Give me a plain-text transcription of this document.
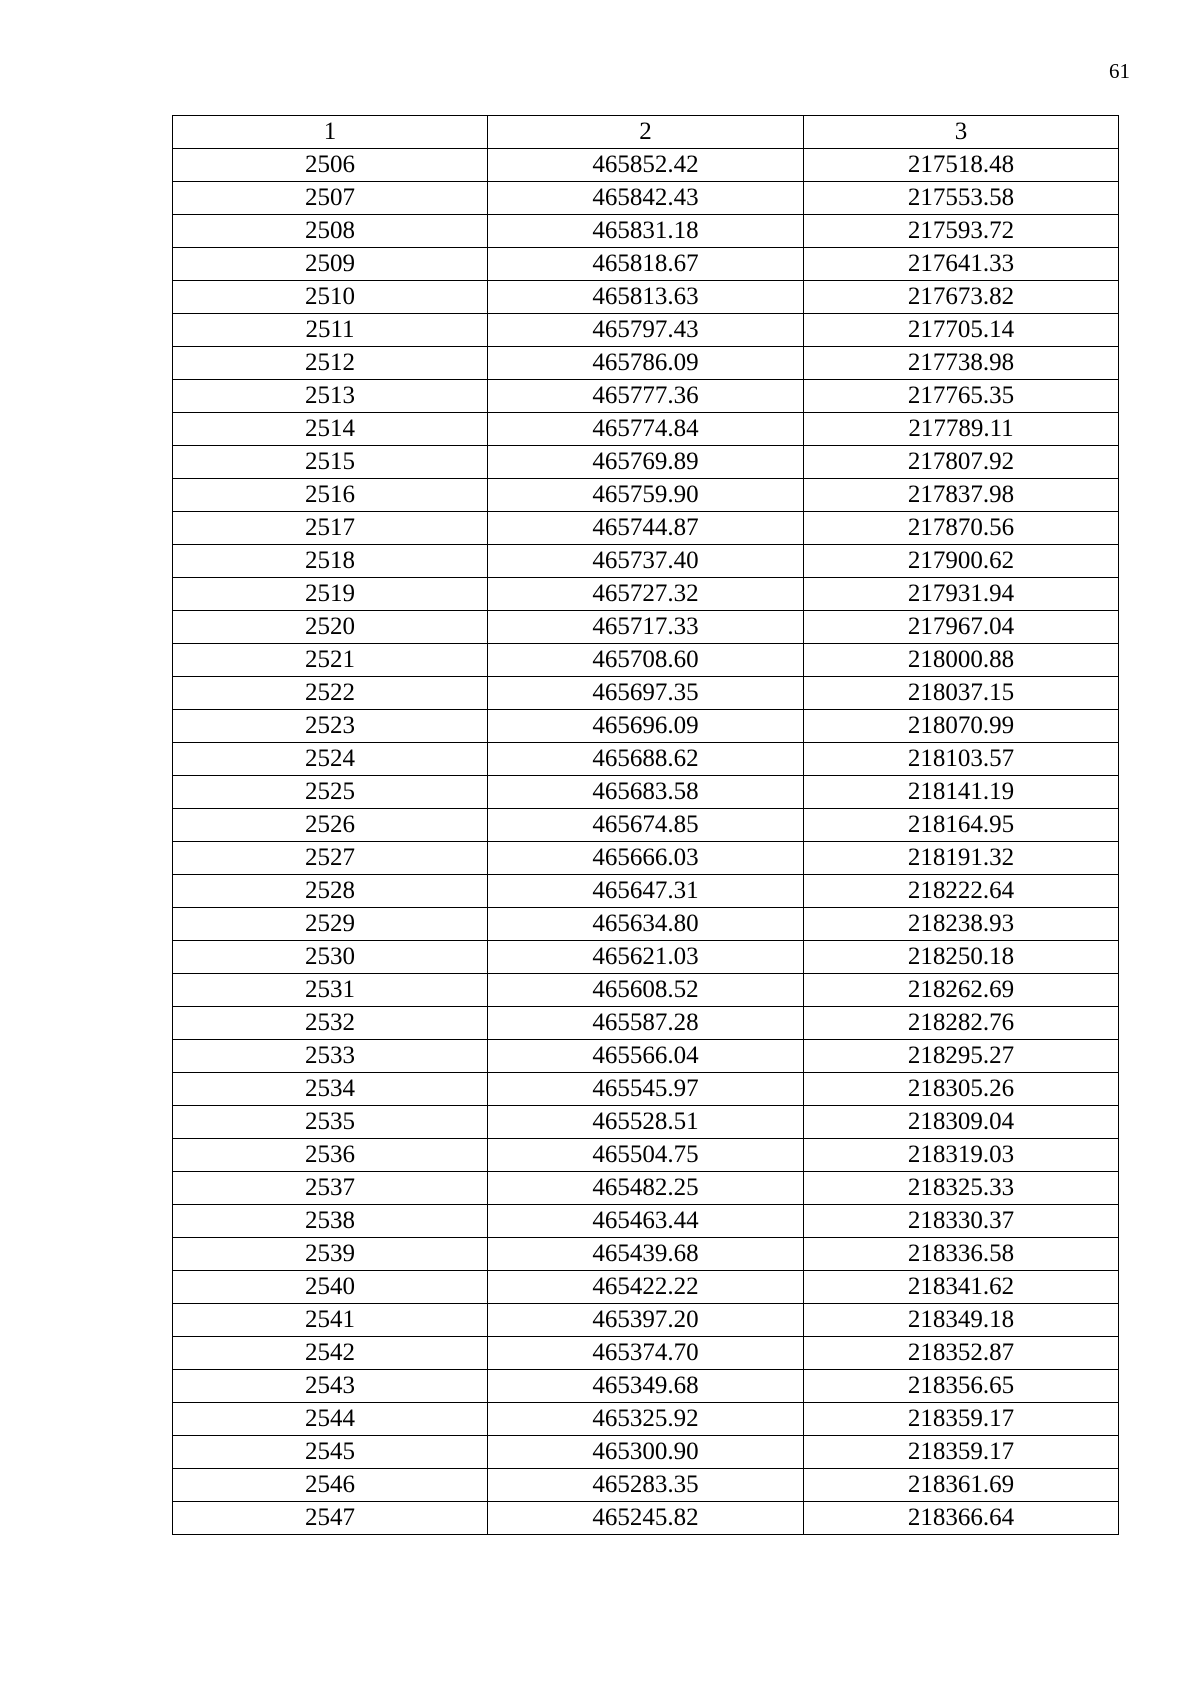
61
1	2	3
2506	465852.42	217518.48
2507	465842.43	217553.58
2508	465831.18	217593.72
2509	465818.67	217641.33
2510	465813.63	217673.82
2511	465797.43	217705.14
2512	465786.09	217738.98
2513	465777.36	217765.35
2514	465774.84	217789.11
2515	465769.89	217807.92
2516	465759.90	217837.98
2517	465744.87	217870.56
2518	465737.40	217900.62
2519	465727.32	217931.94
2520	465717.33	217967.04
2521	465708.60	218000.88
2522	465697.35	218037.15
2523	465696.09	218070.99
2524	465688.62	218103.57
2525	465683.58	218141.19
2526	465674.85	218164.95
2527	465666.03	218191.32
2528	465647.31	218222.64
2529	465634.80	218238.93
2530	465621.03	218250.18
2531	465608.52	218262.69
2532	465587.28	218282.76
2533	465566.04	218295.27
2534	465545.97	218305.26
2535	465528.51	218309.04
2536	465504.75	218319.03
2537	465482.25	218325.33
2538	465463.44	218330.37
2539	465439.68	218336.58
2540	465422.22	218341.62
2541	465397.20	218349.18
2542	465374.70	218352.87
2543	465349.68	218356.65
2544	465325.92	218359.17
2545	465300.90	218359.17
2546	465283.35	218361.69
2547	465245.82	218366.64
